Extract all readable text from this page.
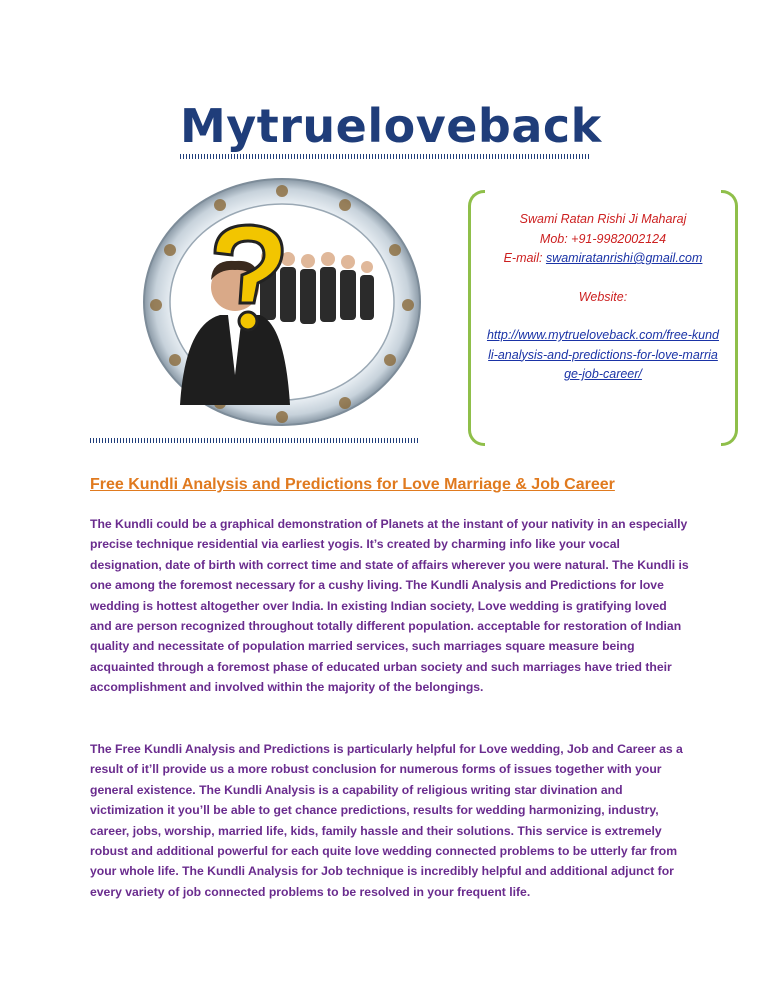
Mytrueloveback
Swami Ratan Rishi Ji Maharaj
Mob: +91-9982002124
E-mail: swamiratanrishi@gmail.com
Website:
http://www.mytrueloveback.com/free-kundli-analysis-and-predictions-for-love-marriage-job-career/
Free Kundli Analysis and Predictions for Love Marriage & Job Career

The Kundli could be a graphical demonstration of Planets at the instant of your nativity in an especially precise technique residential via earliest yogis. It’s created by charming info like your vocal designation, date of birth with correct time and state of affairs wherever you were natural. The Kundli is one among the foremost necessary for a cushy living. The Kundli Analysis and Predictions for love wedding is hottest altogether over India. In existing Indian society, Love wedding is gratifying loved and are person recognized throughout totally different population. acceptable for restoration of Indian quality and necessitate of population married services, such marriages square measure being acquainted through a foremost phase of educated urban society and such marriages have tried their accomplishment and involved within the majority of the belongings.

The Free Kundli Analysis and Predictions is particularly helpful for Love wedding, Job and Career as a result of it’ll provide us a more robust conclusion for numerous forms of issues together with your general existence. The Kundli Analysis is a capability of religious writing star divination and victimization it you’ll be able to get chance predictions, results for wedding harmonizing, industry, career, jobs, worship, married life, kids, family hassle and their solutions. This service is extremely robust and additional powerful for each quite love wedding connected problems to be utterly far from your whole life. The Kundli Analysis for Job technique is incredibly helpful and additional adjunct for every variety of job connected problems to be resolved in your frequent life.
